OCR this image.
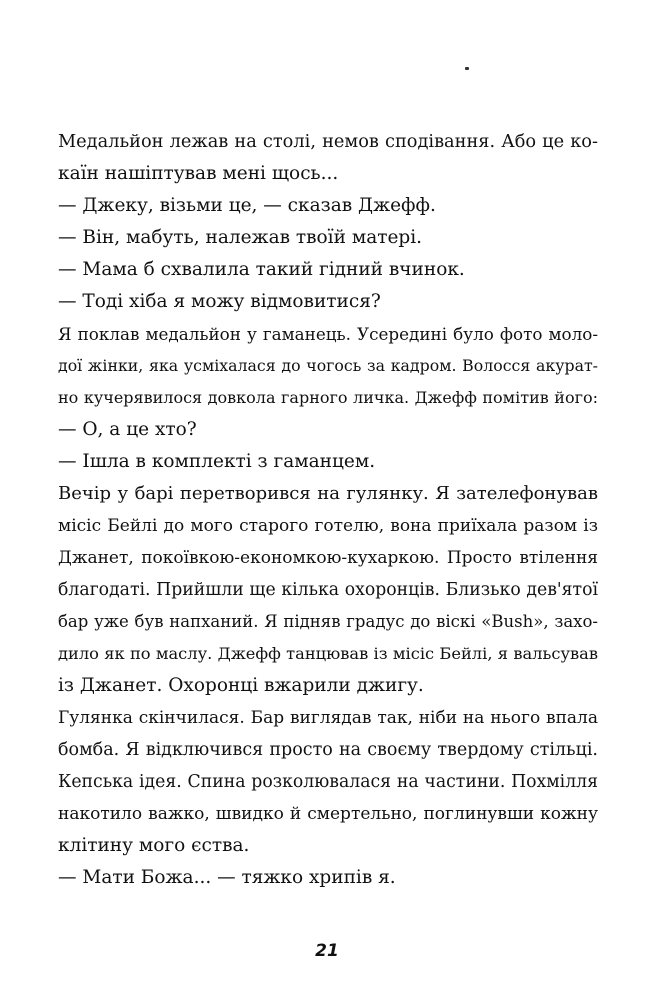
Медальйон лежав на столі, немов сподівання. Або це ко-
каїн нашіптував мені щось...
— Джеку, візьми це, — сказав Джефф.
— Він, мабуть, належав твоїй матері.
— Мама б схвалила такий гідний вчинок.
— Тоді хіба я можу відмовитися?
Я поклав медальйон у гаманець. Усередині було фото моло-
дої жінки, яка усміхалася до чогось за кадром. Волосся акурат-
но кучерявилося довкола гарного личка. Джефф помітив його:
— О, а це хто?
— Ішла в комплекті з гаманцем.
Вечір у барі перетворився на гулянку. Я зателефонував
місіс Бейлі до мого старого готелю, вона приїхала разом із
Джанет, покоївкою-економкою-кухаркою. Просто втілення
благодаті. Прийшли ще кілька охоронців. Близько дев'ятої
бар уже був напханий. Я підняв градус до віскі «Bush», захо-
дило як по маслу. Джефф танцював із місіс Бейлі, я вальсував
із Джанет. Охоронці вжарили джигу.
Гулянка скінчилася. Бар виглядав так, ніби на нього впала
бомба. Я відключився просто на своєму твердому стільці.
Кепська ідея. Спина розколювалася на частини. Похмілля
накотило важко, швидко й смертельно, поглинувши кожну
клітину мого єства.
— Мати Божа... — тяжко хрипів я.
21
